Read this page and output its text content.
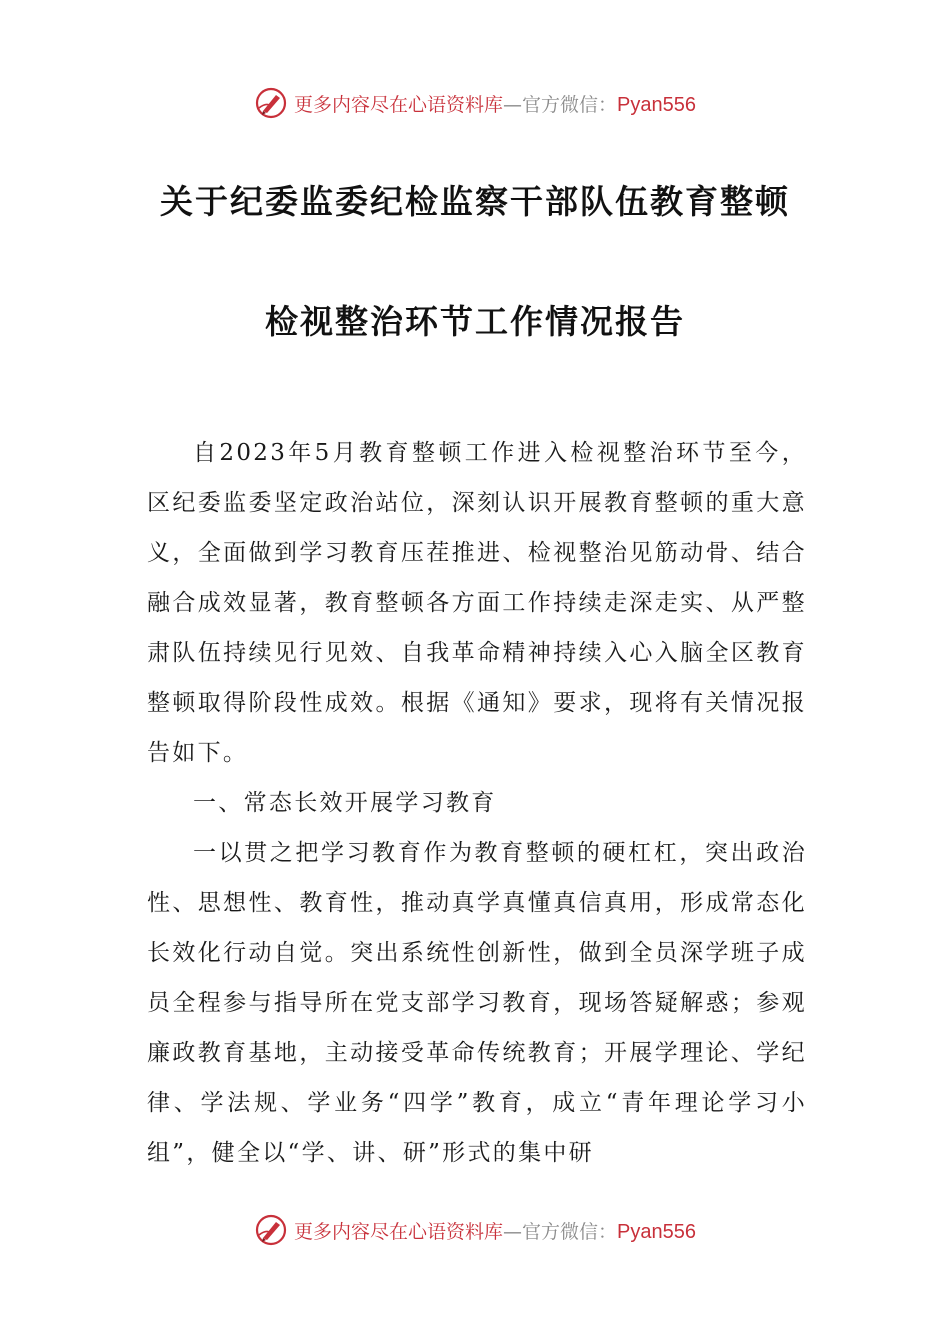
更多内容尽在心语资料库—官方微信：Pyan556
关于纪委监委纪检监察干部队伍教育整顿
检视整治环节工作情况报告

自2023年5月教育整顿工作进入检视整治环节至今，区纪委监委坚定政治站位，深刻认识开展教育整顿的重大意义，全面做到学习教育压茬推进、检视整治见筋动骨、结合融合成效显著，教育整顿各方面工作持续走深走实、从严整肃队伍持续见行见效、自我革命精神持续入心入脑全区教育整顿取得阶段性成效。根据《通知》要求，现将有关情况报告如下。

一、常态长效开展学习教育

一以贯之把学习教育作为教育整顿的硬杠杠，突出政治性、思想性、教育性，推动真学真懂真信真用，形成常态化长效化行动自觉。突出系统性创新性，做到全员深学班子成员全程参与指导所在党支部学习教育，现场答疑解惑；参观廉政教育基地，主动接受革命传统教育；开展学理论、学纪律、学法规、学业务“四学”教育，成立“青年理论学习小组”，健全以“学、讲、研”形式的集中研

更多内容尽在心语资料库—官方微信：Pyan556
